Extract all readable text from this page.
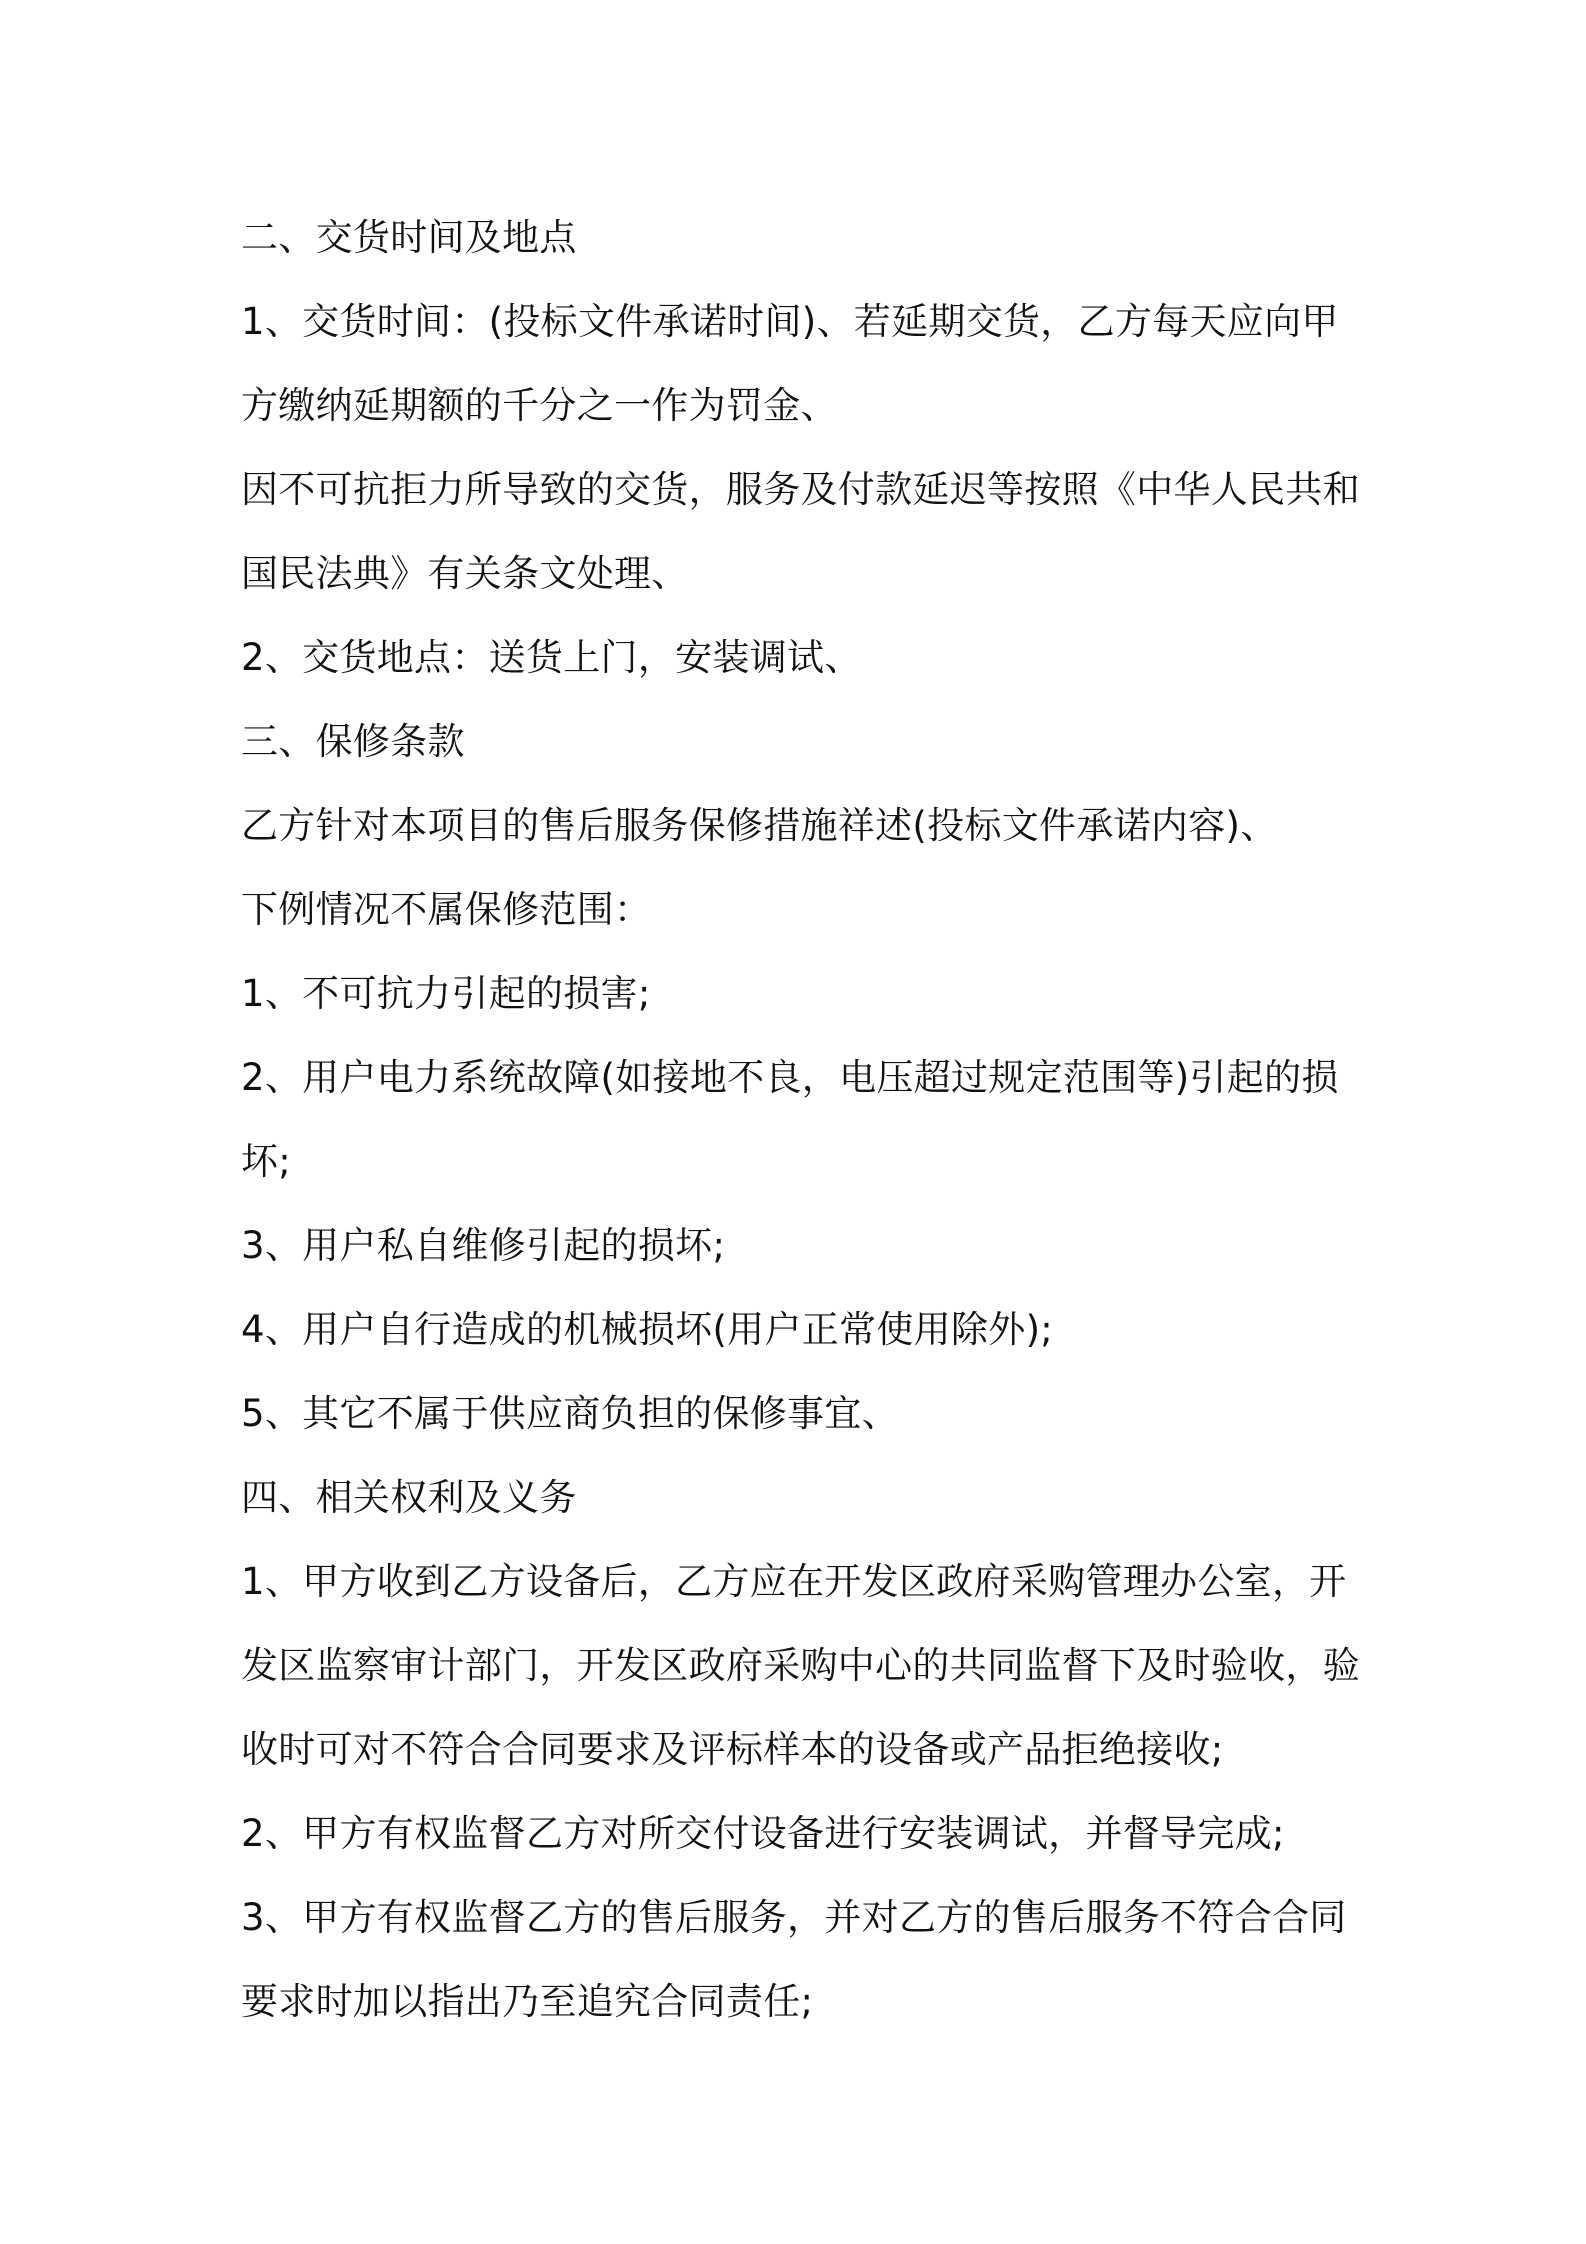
二、交货时间及地点
1、交货时间：(投标文件承诺时间)、若延期交货，乙方每天应向甲
方缴纳延期额的千分之一作为罚金、
因不可抗拒力所导致的交货，服务及付款延迟等按照《中华人民共和
国民法典》有关条文处理、
2、交货地点：送货上门，安装调试、
三、保修条款
乙方针对本项目的售后服务保修措施祥述(投标文件承诺内容)、
下例情况不属保修范围：
1、不可抗力引起的损害;
2、用户电力系统故障(如接地不良，电压超过规定范围等)引起的损
坏;
3、用户私自维修引起的损坏;
4、用户自行造成的机械损坏(用户正常使用除外);
5、其它不属于供应商负担的保修事宜、
四、相关权利及义务
1、甲方收到乙方设备后，乙方应在开发区政府采购管理办公室，开
发区监察审计部门，开发区政府采购中心的共同监督下及时验收，验
收时可对不符合合同要求及评标样本的设备或产品拒绝接收;
2、甲方有权监督乙方对所交付设备进行安装调试，并督导完成;
3、甲方有权监督乙方的售后服务，并对乙方的售后服务不符合合同
要求时加以指出乃至追究合同责任;
